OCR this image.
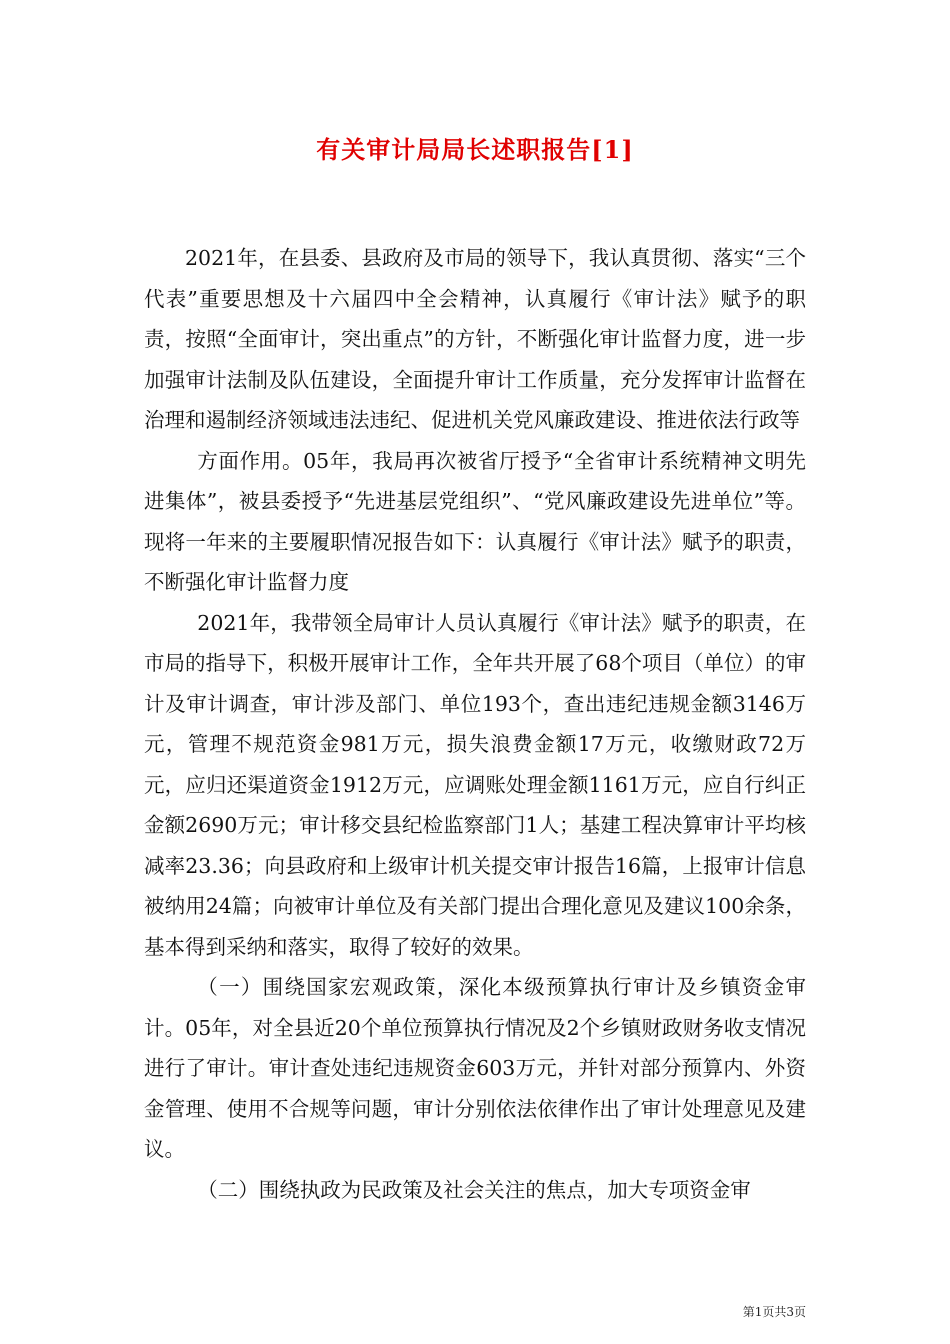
有关审计局局长述职报告[1]

2021年，在县委、县政府及市局的领导下，我认真贯彻、落实“三个代表”重要思想及十六届四中全会精神，认真履行《审计法》赋予的职责，按照“全面审计，突出重点”的方针，不断强化审计监督力度，进一步加强审计法制及队伍建设，全面提升审计工作质量，充分发挥审计监督在治理和遏制经济领域违法违纪、促进机关党风廉政建设、推进依法行政等

方面作用。05年，我局再次被省厅授予“全省审计系统精神文明先进集体”，被县委授予“先进基层党组织”、“党风廉政建设先进单位”等。现将一年来的主要履职情况报告如下：认真履行《审计法》赋予的职责，不断强化审计监督力度

2021年，我带领全局审计人员认真履行《审计法》赋予的职责，在市局的指导下，积极开展审计工作，全年共开展了68个项目（单位）的审计及审计调查，审计涉及部门、单位193个，查出违纪违规金额3146万元，管理不规范资金981万元，损失浪费金额17万元，收缴财政72万元，应归还渠道资金1912万元，应调账处理金额1161万元，应自行纠正金额2690万元；审计移交县纪检监察部门1人；基建工程决算审计平均核减率23.36；向县政府和上级审计机关提交审计报告16篇，上报审计信息被纳用24篇；向被审计单位及有关部门提出合理化意见及建议100余条，基本得到采纳和落实，取得了较好的效果。

（一）围绕国家宏观政策，深化本级预算执行审计及乡镇资金审计。05年，对全县近20个单位预算执行情况及2个乡镇财政财务收支情况进行了审计。审计查处违纪违规资金603万元，并针对部分预算内、外资金管理、使用不合规等问题，审计分别依法依律作出了审计处理意见及建议。

（二）围绕执政为民政策及社会关注的焦点，加大专项资金审

第1页共3页
